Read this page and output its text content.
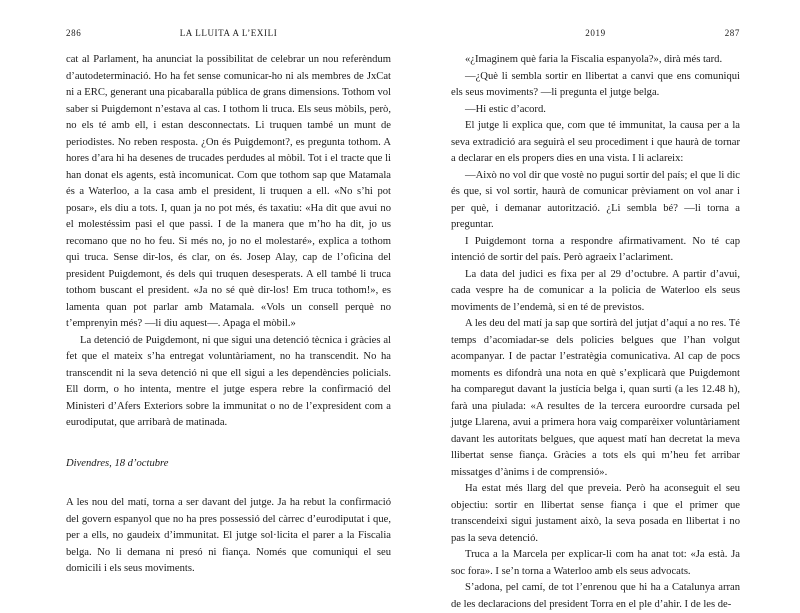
286	LA LLUITA A L’EXILI

cat al Parlament, ha anunciat la possibilitat de celebrar un nou referèndum d’autodeterminació. Ho ha fet sense comunicar-ho ni als membres de JxCat ni a ERC, generant una picabaralla pública de grans dimensions. Tothom vol saber si Puigdemont n’estava al cas. I tothom li truca. Els seus mòbils, però, no els té amb ell, i estan desconnectats. Li truquen també un munt de periodistes. No reben resposta. ¿On és Puigdemont?, es pregunta tothom. A hores d’ara hi ha desenes de trucades perdudes al mòbil. Tot i el tracte que li han donat els agents, està incomunicat. Com que tothom sap que Matamala és a Waterloo, a la casa amb el president, li truquen a ell. «No s’hi pot posar», els diu a tots. I, quan ja no pot més, és taxatiu: «Ha dit que avui no el molestéssim pasi el que passi. I de la manera que m’ho ha dit, jo us recomano que no ho feu. Si més no, jo no el molestaré», explica a tothom qui truca. Sense dir-los, és clar, on és. Josep Alay, cap de l’oficina del president Puigdemont, és dels qui truquen desesperats. A ell també li truca tothom buscant el president. «Ja no sé què dir-los! Em truca tothom!», es lamenta quan pot parlar amb Matamala. «Vols un consell perquè no t’emprenyin més? —li diu aquest—. Apaga el mòbil.»

La detenció de Puigdemont, ni que sigui una detenció tècnica i gràcies al fet que el mateix s’ha entregat voluntàriament, no ha transcendit. No ha transcendit ni la seva detenció ni que ell sigui a les dependències policials. Ell dorm, o ho intenta, mentre el jutge espera rebre la confirmació del Ministeri d’Afers Exteriors sobre la immunitat o no de l’expresident com a eurodiputat, que arribarà de matinada.

Divendres, 18 d’octubre

A les nou del matí, torna a ser davant del jutge. Ja ha rebut la confirmació del govern espanyol que no ha pres possessió del càrrec d’eurodiputat i que, per a ells, no gaudeix d’immunitat. El jutge sol·licita el parer a la Fiscalia belga. No li demana ni presó ni fiança. Només que comuniqui el seu domicili i els seus moviments.

2019	287

«¿Imaginem què faria la Fiscalia espanyola?», dirà més tard.

—¿Què li sembla sortir en llibertat a canvi que ens comuniqui els seus moviments? —li pregunta el jutge belga.

—Hi estic d’acord.

El jutge li explica que, com que té immunitat, la causa per a la seva extradició ara seguirà el seu procediment i que haurà de tornar a declarar en els propers dies en una vista. I li aclareix:

—Això no vol dir que vostè no pugui sortir del país; el que li dic és que, si vol sortir, haurà de comunicar prèviament on vol anar i per què, i demanar autorització. ¿Li sembla bé? —li torna a preguntar.

I Puigdemont torna a respondre afirmativament. No té cap intenció de sortir del país. Però agraeix l’aclariment.

La data del judici es fixa per al 29 d’octubre. A partir d’avui, cada vespre ha de comunicar a la policia de Waterloo els seus moviments de l’endemà, si en té de previstos.

A les deu del matí ja sap que sortirà del jutjat d’aquí a no res. Té temps d’acomiadar-se dels policies belgues que l’han volgut acompanyar. I de pactar l’estratègia comunicativa. Al cap de pocs moments es difondrà una nota en què s’explicarà que Puigdemont ha comparegut davant la justícia belga i, quan surti (a les 12.48 h), farà una piulada: «A resultes de la tercera euroordre cursada pel jutge Llarena, avui a primera hora vaig comparèixer voluntàriament davant les autoritats belgues, que aquest matí han decretat la meva llibertat sense fiança. Gràcies a tots els qui m’heu fet arribar missatges d’ànims i de comprensió».

Ha estat més llarg del que preveia. Però ha aconseguit el seu objectiu: sortir en llibertat sense fiança i que el primer que transcendeixi sigui justament això, la seva posada en llibertat i no pas la seva detenció.

Truca a la Marcela per explicar-li com ha anat tot: «Ja està. Ja soc fora». I se’n torna a Waterloo amb els seus advocats.

S’adona, pel camí, de tot l’enrenou que hi ha a Catalunya arran de les declaracions del president Torra en el ple d’ahir. I de les de-
